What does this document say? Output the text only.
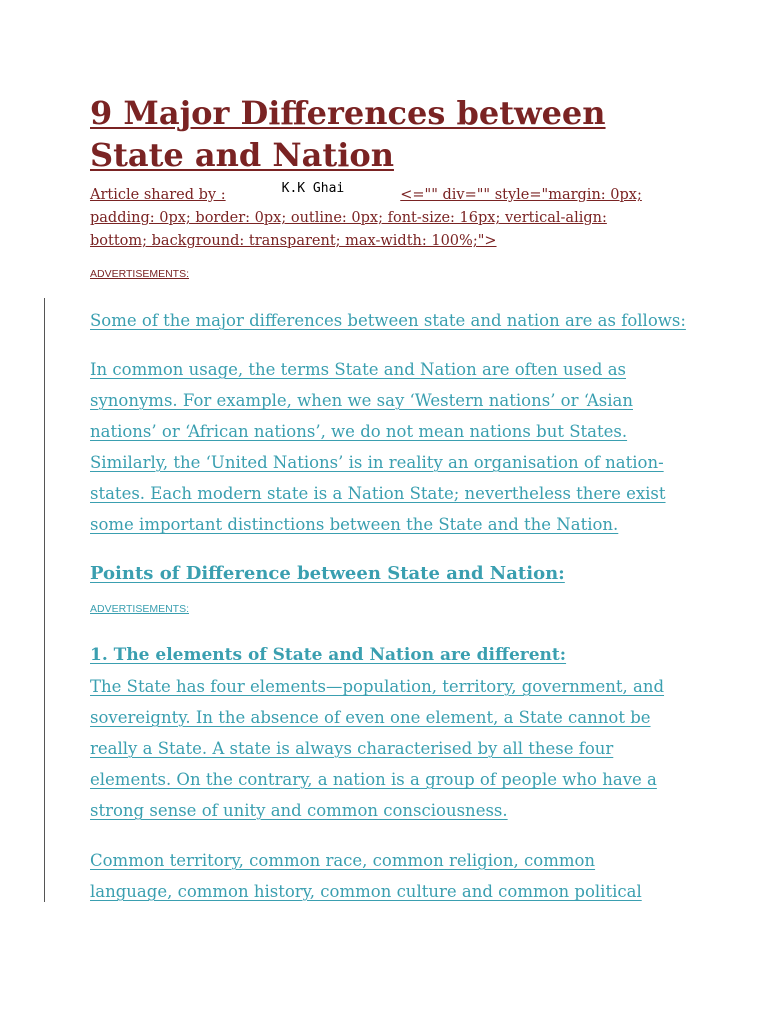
9 Major Differences between State and Nation
Article shared by :	K.K Ghai	<="" div="" style="margin: 0px; padding: 0px; border: 0px; outline: 0px; font-size: 16px; vertical-align: bottom; background: transparent; max-width: 100%;">
ADVERTISEMENTS:

Some of the major differences between state and nation are as follows:

In common usage, the terms State and Nation are often used as synonyms. For example, when we say ‘Western nations’ or ‘Asian nations’ or ‘African nations’, we do not mean nations but States. Similarly, the ‘United Nations’ is in reality an organisation of nation-states. Each modern state is a Nation State; nevertheless there exist some important distinctions between the State and the Nation.

Points of Difference between State and Nation:
ADVERTISEMENTS:
1. The elements of State and Nation are different:

The State has four elements—population, territory, government, and sovereignty. In the absence of even one element, a State cannot be really a State. A state is always characterised by all these four elements. On the contrary, a nation is a group of people who have a strong sense of unity and common consciousness.

Common territory, common race, common religion, common language, common history, common culture and common political
